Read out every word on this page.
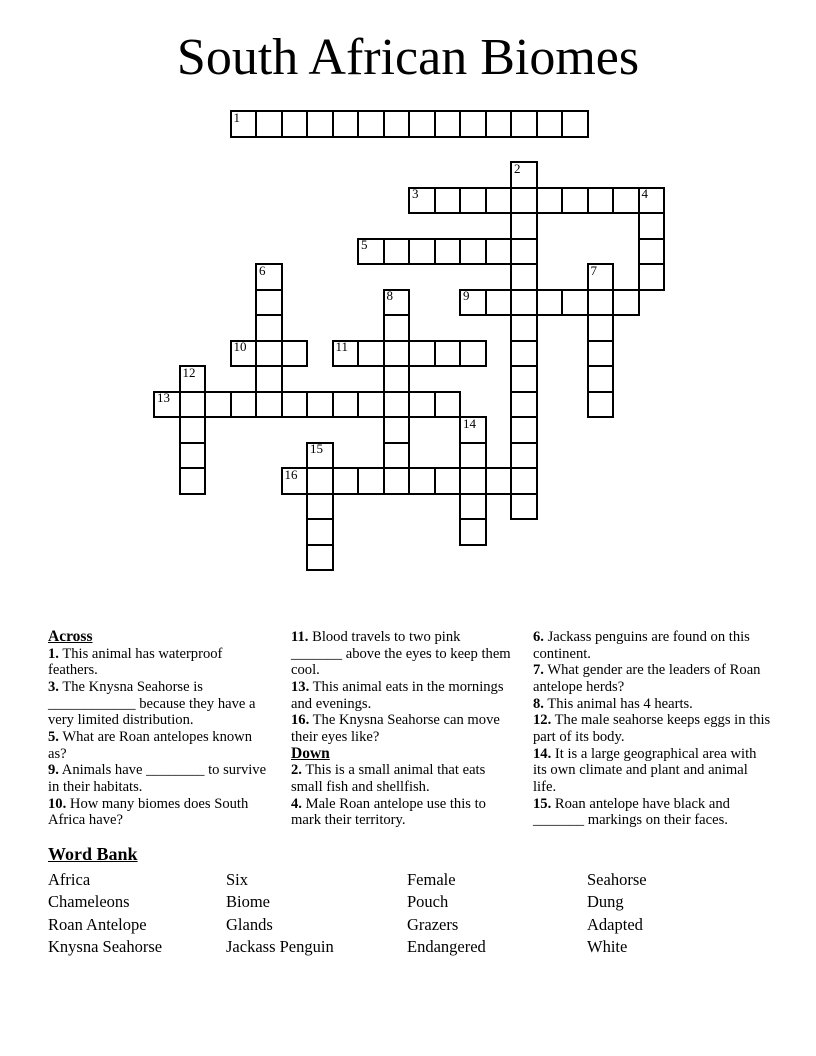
South African Biomes
1
2
3	4
5
6	7
8	9
10	11
12
13
14
15
16
Across
1. This animal has waterproof feathers.
3. The Knysna Seahorse is ____________ because they have a very limited distribution.
5. What are Roan antelopes known as?
9. Animals have ________ to survive in their habitats.
10. How many biomes does South Africa have?
11. Blood travels to two pink _______ above the eyes to keep them cool.
13. This animal eats in the mornings and evenings.
16. The Knysna Seahorse can move their eyes like?
Down
2. This is a small animal that eats small fish and shellfish.
4. Male Roan antelope use this to mark their territory.
6. Jackass penguins are found on this continent.
7. What gender are the leaders of Roan antelope herds?
8. This animal has 4 hearts.
12. The male seahorse keeps eggs in this part of its body.
14. It is a large geographical area with its own climate and plant and animal life.
15. Roan antelope have black and _______ markings on their faces.
Word Bank
Africa
Chameleons
Roan Antelope
Knysna Seahorse
Six
Biome
Glands
Jackass Penguin
Female
Pouch
Grazers
Endangered
Seahorse
Dung
Adapted
White
